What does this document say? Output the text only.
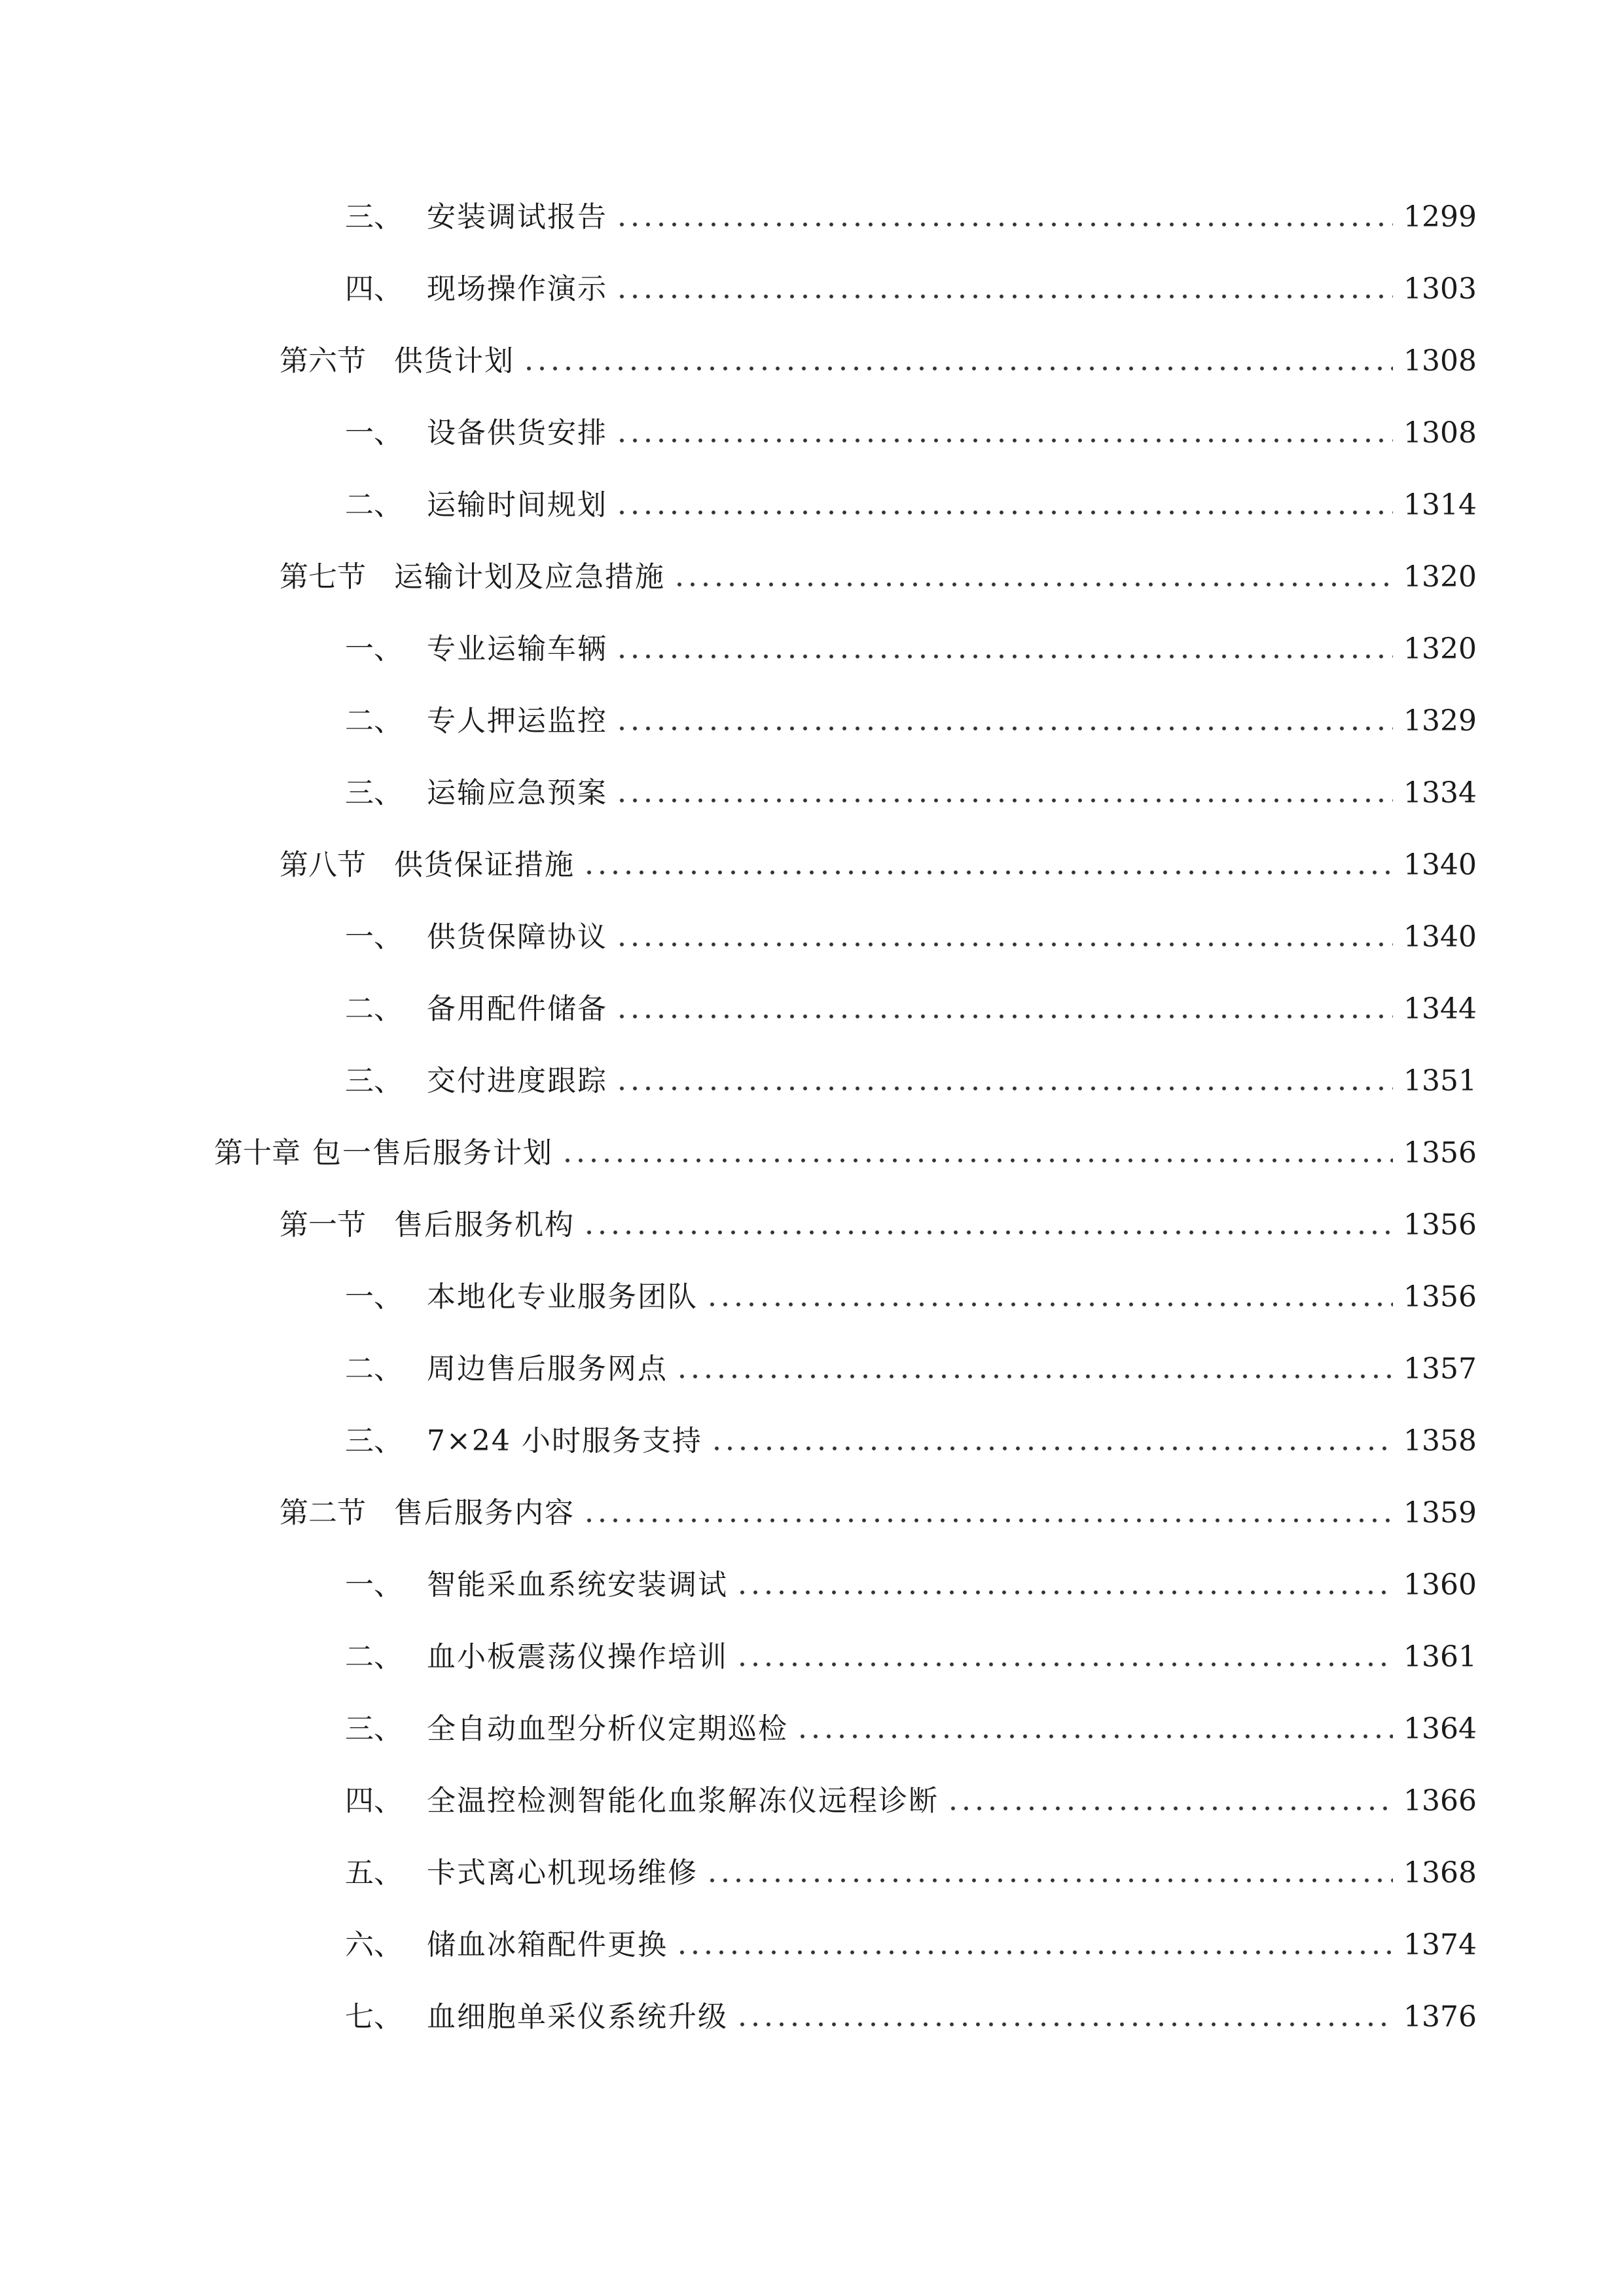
三、 安装调试报告	1299
四、 现场操作演示	1303
第六节 供货计划	1308
一、 设备供货安排	1308
二、 运输时间规划	1314
第七节 运输计划及应急措施	1320
一、 专业运输车辆	1320
二、 专人押运监控	1329
三、 运输应急预案	1334
第八节 供货保证措施	1340
一、 供货保障协议	1340
二、 备用配件储备	1344
三、 交付进度跟踪	1351
第十章 包一售后服务计划	1356
第一节 售后服务机构	1356
一、 本地化专业服务团队	1356
二、 周边售后服务网点	1357
三、 7×24 小时服务支持	1358
第二节 售后服务内容	1359
一、 智能采血系统安装调试	1360
二、 血小板震荡仪操作培训	1361
三、 全自动血型分析仪定期巡检	1364
四、 全温控检测智能化血浆解冻仪远程诊断	1366
五、 卡式离心机现场维修	1368
六、 储血冰箱配件更换	1374
七、 血细胞单采仪系统升级	1376
